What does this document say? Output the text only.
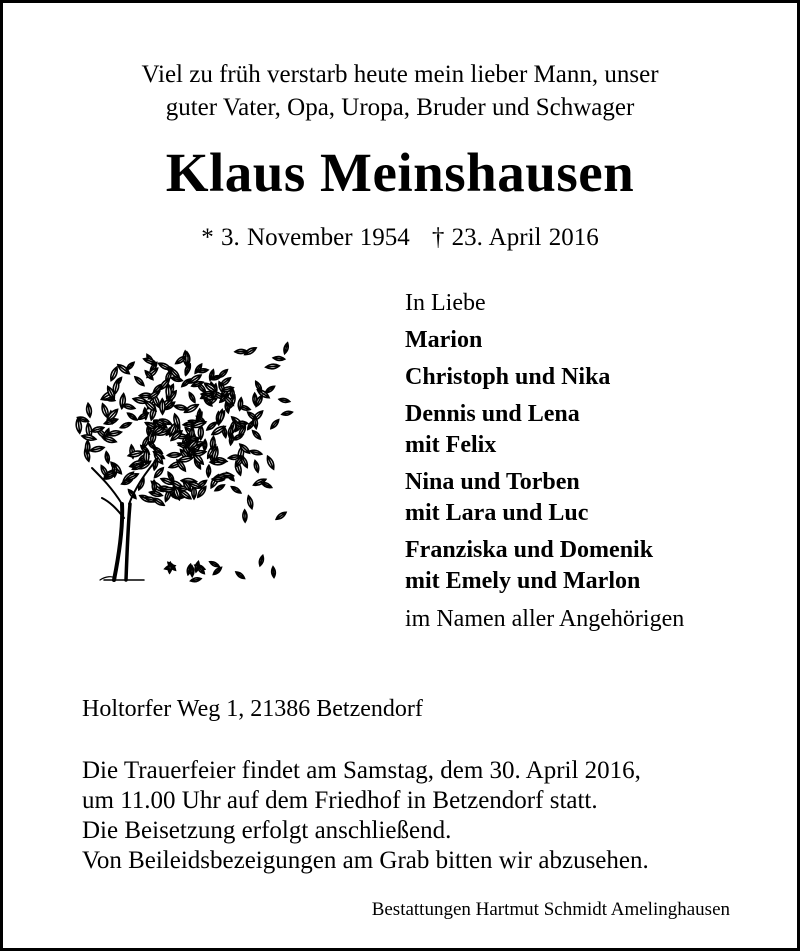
Viel zu früh verstarb heute mein lieber Mann, unser
guter Vater, Opa, Uropa, Bruder und Schwager
Klaus Meinshausen
* 3. November 1954 † 23. April 2016
In Liebe
Marion
Christoph und Nika
Dennis und Lena
mit Felix
Nina und Torben
mit Lara und Luc
Franziska und Domenik
mit Emely und Marlon
im Namen aller Angehörigen
Holtorfer Weg 1, 21386 Betzendorf
Die Trauerfeier findet am Samstag, dem 30. April 2016,
um 11.00 Uhr auf dem Friedhof in Betzendorf statt.
Die Beisetzung erfolgt anschließend.
Von Beileidsbezeigungen am Grab bitten wir abzusehen.
Bestattungen Hartmut Schmidt Amelinghausen
